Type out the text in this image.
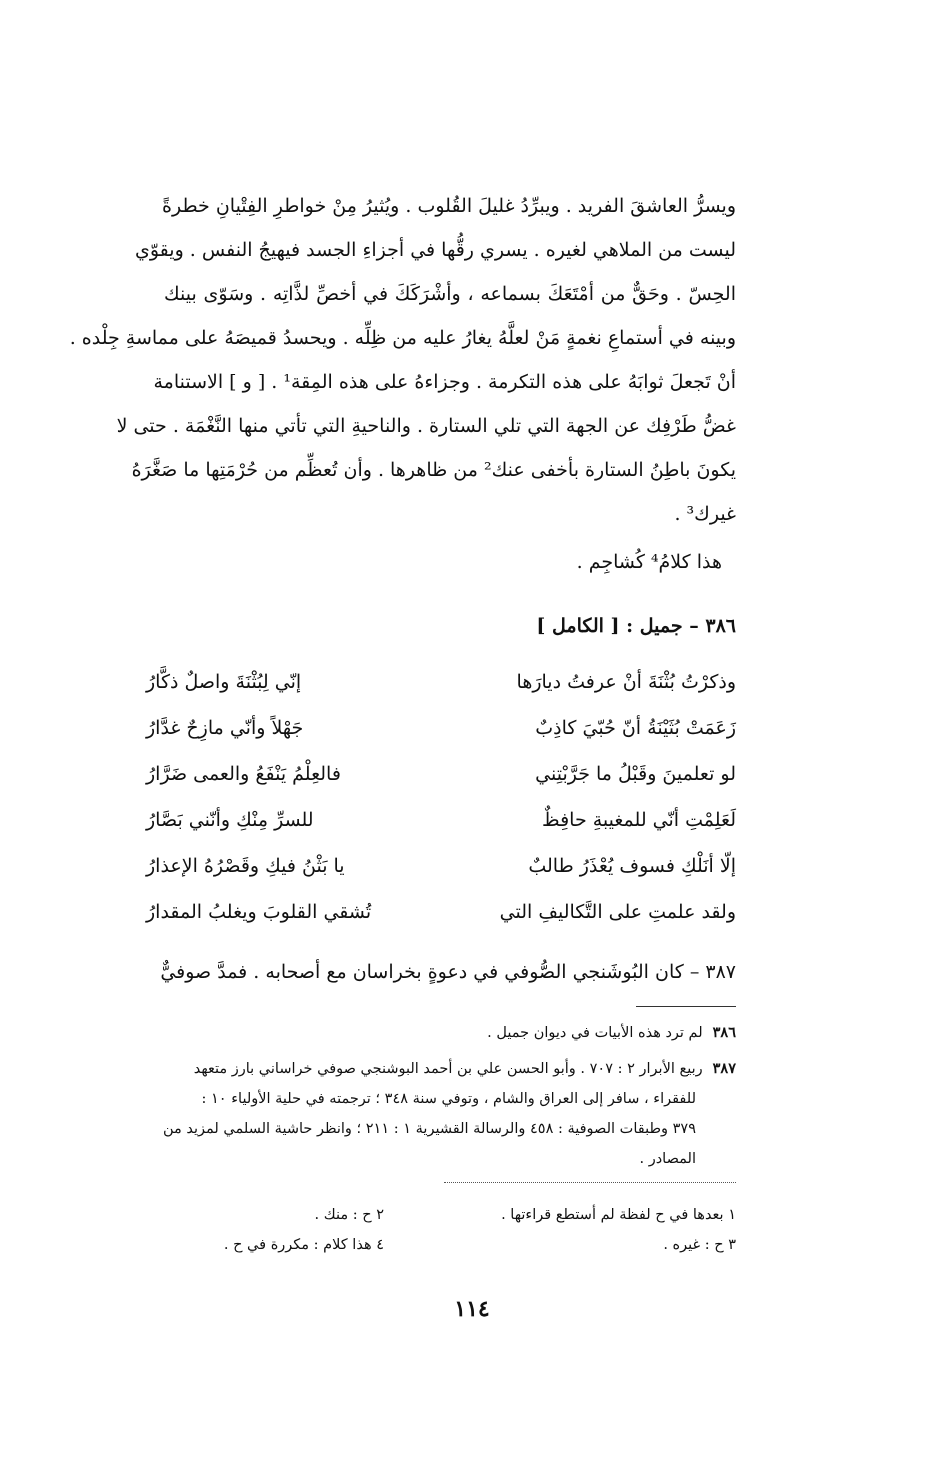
ويسرُّ العاشقَ الفريد . ويبرِّدُ غليلَ القُلوب . ويُثيرُ مِنْ خواطرِ الفِتْيانِ خطرةً
ليست من الملاهي لغيره . يسري رقُّها في أجزاءِ الجسد فيهيجُ النفس . ويقوّي
الحِسّ . وحَقٌّ من أمْتَعَكَ بسماعه ، وأشْرَكَكَ في أخصِّ لذَّاتِه . وسَوّى بينك
وبينه في أستماعِ نغمةٍ مَنْ لعلَّهُ يغارُ عليه من ظِلِّه . ويحسدُ قميصَهُ على مماسةِ جِلْده .
أنْ تَجعلَ ثوابَهُ على هذه التكرمة . وجزاءهُ على هذه المِقة¹ . [ و ] الاستنامة
غضُّ طَرْفِك عن الجهة التي تلي الستارة . والناحيةِ التي تأتي منها النَّغْمَة . حتى لا
يكونَ باطِنُ الستارة بأخفى عنك² من ظاهرها . وأن تُعظِّم من حُرْمَتِها ما صَغَّرَهُ
غيرك³ .
هذا كلامُ⁴ كُشاجِم .
٣٨٦ – جميل : [ الكامل ]
وذكرْتُ بُثْنَةَ أنْ عرفتُ ديارَها
إنّي لِبُثْنَةَ واصلٌ ذكَّارُ
زَعَمَتْ بُثَيْنَةُ أنّ حُبّيَ كاذِبٌ
جَهْلاً وأنّي مازِحٌ غدَّارُ
لو تعلمينَ وقَبْلُ ما جَرَّبْتِني
فالعِلْمُ يَنْفَعُ والعمى ضَرَّارُ
لَعَلِمْتِ أنّي للمغيبةِ حافِظٌ
للسرِّ مِنْكِ وأنّني بَصَّارُ
إلّا أنَلْكِ فسوف يُعْذَرُ طالبٌ
يا بَثْنُ فيكِ وقَصْرُهُ الإعذارُ
ولقد علمتِ على التَّكاليفِ التي
تُشقي القلوبَ ويغلبُ المقدارُ
٣٨٧ – كان البُوشَنجي الصُّوفي في دعوةٍ بخراسان مع أصحابه . فمدَّ صوفيٌّ
٣٨٦لم ترد هذه الأبيات في ديوان جميل .
٣٨٧ربيع الأبرار ٢ : ٧٠٧ . وأبو الحسن علي بن أحمد البوشنجي صوفي خراساني بارز متعهد
للفقراء ، سافر إلى العراق والشام ، وتوفي سنة ٣٤٨ ؛ ترجمته في حلية الأولياء ١٠ :
٣٧٩ وطبقات الصوفية : ٤٥٨ والرسالة القشيرية ١ : ٢١١ ؛ وانظر حاشية السلمي لمزيد من
المصادر .
١ بعدها في ح لفظة لم أستطع قراءتها .
٢ ح : منك .
٣ ح : غيره .
٤ هذا كلام : مكررة في ح .
١١٤
